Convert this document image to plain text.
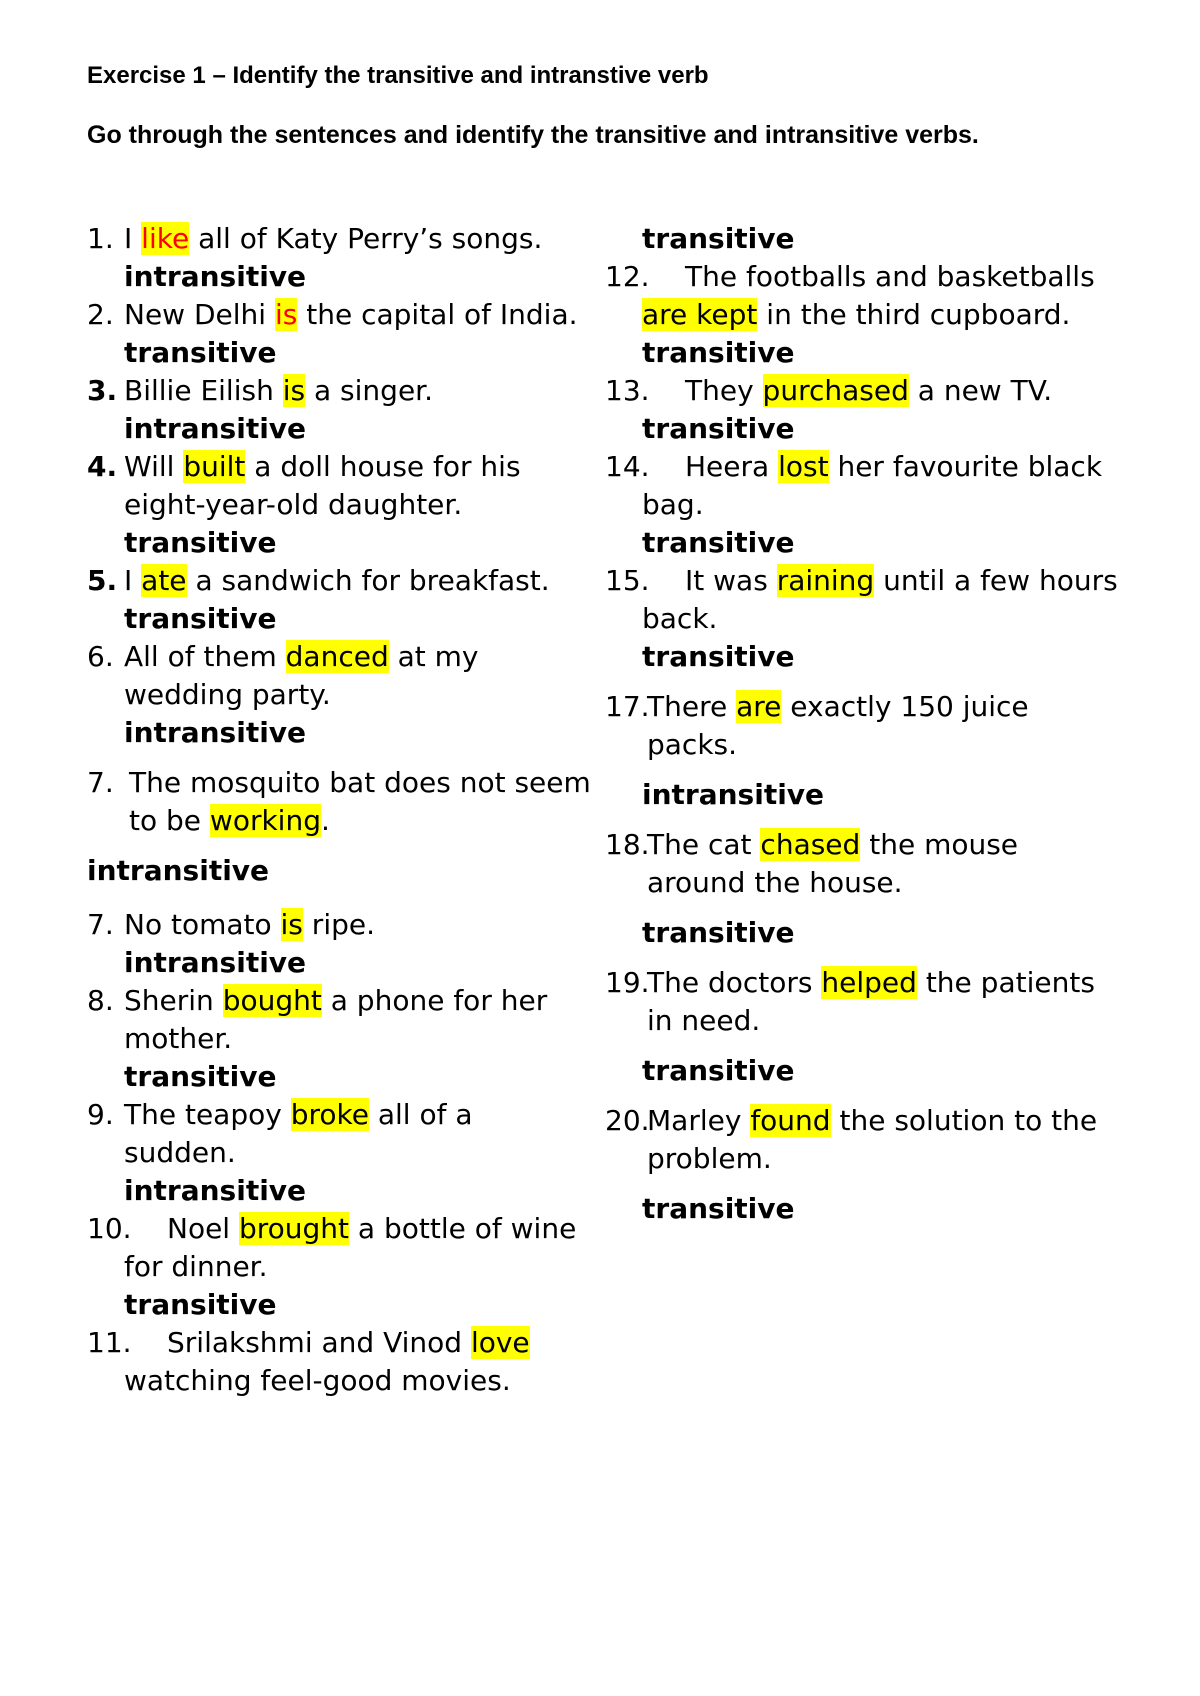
Exercise 1 – Identify the transitive and intranstive verb
Go through the sentences and identify the transitive and intransitive verbs.
1. I like all of Katy Perry’s songs.
intransitive
2. New Delhi is the capital of India.
transitive
3. Billie Eilish is a singer.
intransitive
4. Will built a doll house for his eight-year-old daughter.
transitive
5. I ate a sandwich for breakfast.
transitive
6. All of them danced at my wedding party.
intransitive
7. The mosquito bat does not seem to be working.
intransitive
7. No tomato is ripe.
intransitive
8. Sherin bought a phone for her mother.
transitive
9. The teapoy broke all of a sudden.
intransitive
10.	Noel brought a bottle of wine for dinner.
transitive
11.	Srilakshmi and Vinod love watching feel-good movies.
transitive
12.	The footballs and basketballs are kept in the third cupboard.
transitive
13.	They purchased a new TV.
transitive
14.	Heera lost her favourite black bag.
transitive
15.	It was raining until a few hours back.
transitive
17.
There are exactly 150 juice packs.
intransitive
18.
The cat chased the mouse around the house.
transitive
19.
The doctors helped the patients in need.
transitive
20.
Marley found the solution to the problem.
transitive
